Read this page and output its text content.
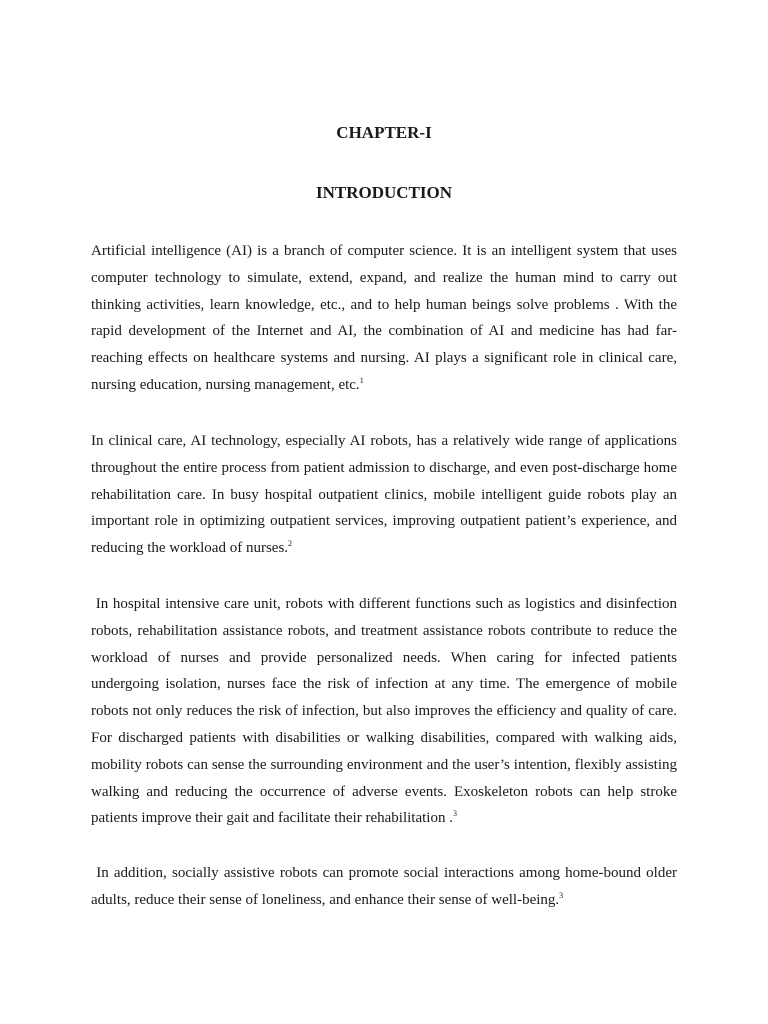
CHAPTER-I
INTRODUCTION

Artificial intelligence (AI) is a branch of computer science. It is an intelligent system that uses computer technology to simulate, extend, expand, and realize the human mind to carry out thinking activities, learn knowledge, etc., and to help human beings solve problems . With the rapid development of the Internet and AI, the combination of AI and medicine has had far-reaching effects on healthcare systems and nursing. AI plays a significant role in clinical care, nursing education, nursing management, etc.$^1$

In clinical care, AI technology, especially AI robots, has a relatively wide range of applications throughout the entire process from patient admission to discharge, and even post-discharge home rehabilitation care. In busy hospital outpatient clinics, mobile intelligent guide robots play an important role in optimizing outpatient services, improving outpatient patient’s experience, and reducing the workload of nurses.$^2$

In hospital intensive care unit, robots with different functions such as logistics and disinfection robots, rehabilitation assistance robots, and treatment assistance robots contribute to reduce the workload of nurses and provide personalized needs. When caring for infected patients undergoing isolation, nurses face the risk of infection at any time. The emergence of mobile robots not only reduces the risk of infection, but also improves the efficiency and quality of care. For discharged patients with disabilities or walking disabilities, compared with walking aids, mobility robots can sense the surrounding environment and the user’s intention, flexibly assisting walking and reducing the occurrence of adverse events. Exoskeleton robots can help stroke patients improve their gait and facilitate their rehabilitation .$^3$

In addition, socially assistive robots can promote social interactions among home-bound older adults, reduce their sense of loneliness, and enhance their sense of well-being.$^3$
